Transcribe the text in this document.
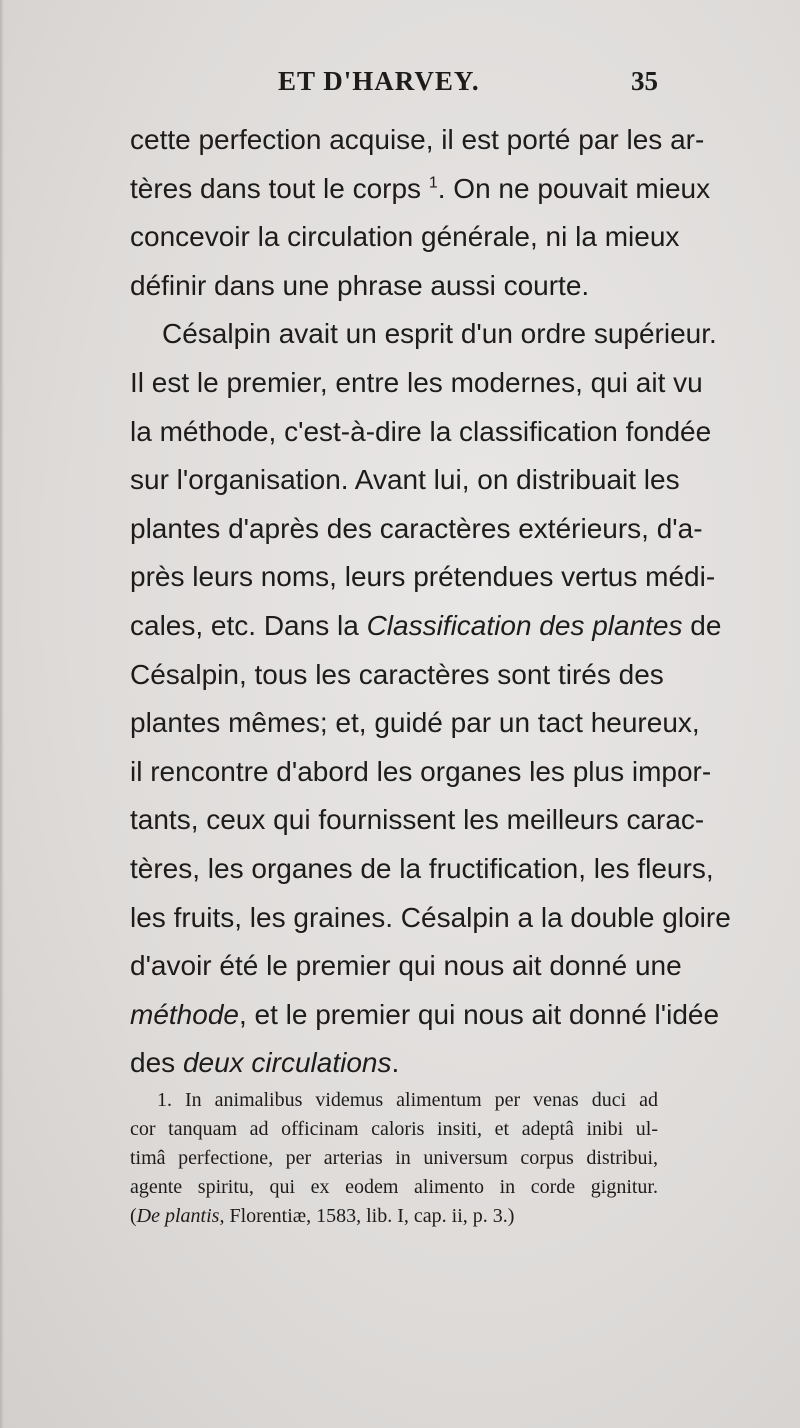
ET D'HARVEY.	35
cette perfection acquise, il est porté par les ar-
tères dans tout le corps $^1$. On ne pouvait mieux
concevoir la circulation générale, ni la mieux
définir dans une phrase aussi courte.
Césalpin avait un esprit d'un ordre supérieur.
Il est le premier, entre les modernes, qui ait vu
la méthode, c'est-à-dire la classification fondée
sur l'organisation. Avant lui, on distribuait les
plantes d'après des caractères extérieurs, d'a-
près leurs noms, leurs prétendues vertus médi-
cales, etc. Dans la Classification des plantes de
Césalpin, tous les caractères sont tirés des
plantes mêmes; et, guidé par un tact heureux,
il rencontre d'abord les organes les plus impor-
tants, ceux qui fournissent les meilleurs carac-
tères, les organes de la fructification, les fleurs,
les fruits, les graines. Césalpin a la double gloire
d'avoir été le premier qui nous ait donné une
méthode, et le premier qui nous ait donné l'idée
des deux circulations.
1. In animalibus videmus alimentum per venas duci ad
cor tanquam ad officinam caloris insiti, et adeptâ inibi ul-
timâ perfectione, per arterias in universum corpus distribui,
agente spiritu, qui ex eodem alimento in corde gignitur.
(De plantis, Florentiæ, 1583, lib. I, cap. ii, p. 3.)
